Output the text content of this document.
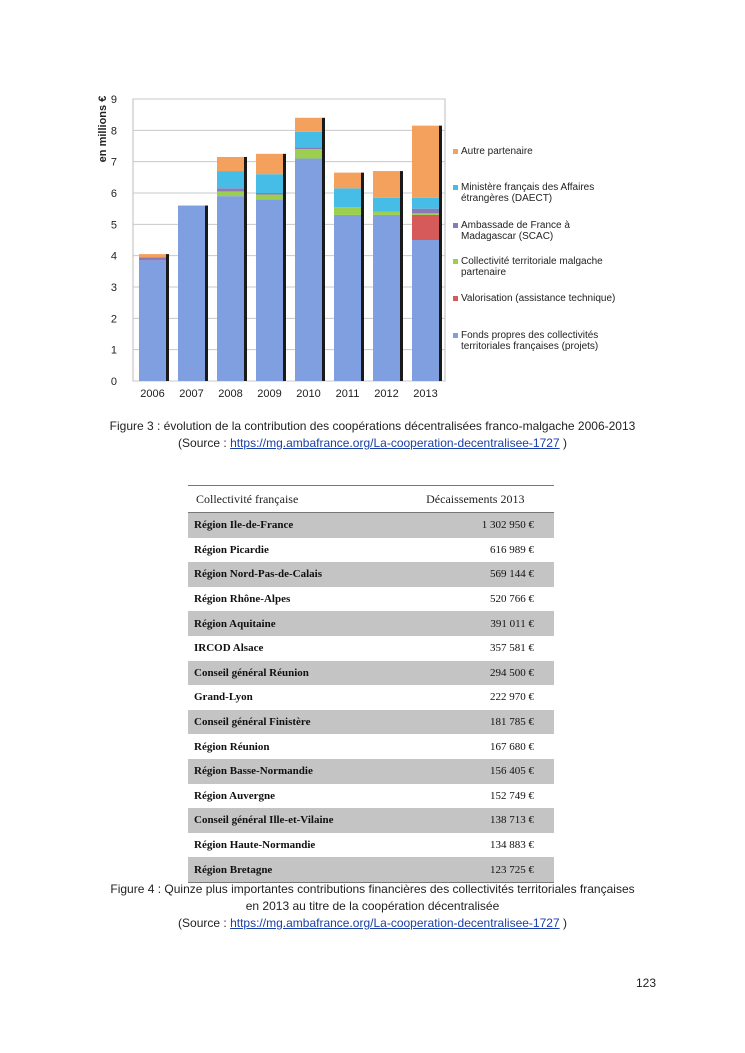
0
1
2
3
4
5
6
7
8
9
en millions €
2006 2007 2008 2009 2010 2011 2012 2013
Autre partenaire
Ministère français des Affaires
étrangères (DAECT)
Ambassade de France à
Madagascar (SCAC)
Collectivité territoriale malgache
partenaire
Valorisation (assistance technique)
Fonds propres des collectivités
territoriales françaises (projets)
Figure 3 : évolution de la contribution des coopérations décentralisées franco-malgache 2006-2013
(Source : https://mg.ambafrance.org/La-cooperation-decentralisee-1727 )
Collectivité française	Décaissements 2013
Région Ile-de-France	1 302 950 €
Région Picardie	616 989 €
Région Nord-Pas-de-Calais	569 144 €
Région Rhône-Alpes	520 766 €
Région Aquitaine	391 011 €
IRCOD Alsace	357 581 €
Conseil général Réunion	294 500 €
Grand-Lyon	222 970 €
Conseil général Finistère	181 785 €
Région Réunion	167 680 €
Région Basse-Normandie	156 405 €
Région Auvergne	152 749 €
Conseil général Ille-et-Vilaine	138 713 €
Région Haute-Normandie	134 883 €
Région Bretagne	123 725 €
Figure 4 : Quinze plus importantes contributions financières des collectivités territoriales françaises
en 2013 au titre de la coopération décentralisée
(Source : https://mg.ambafrance.org/La-cooperation-decentralisee-1727 )
123
